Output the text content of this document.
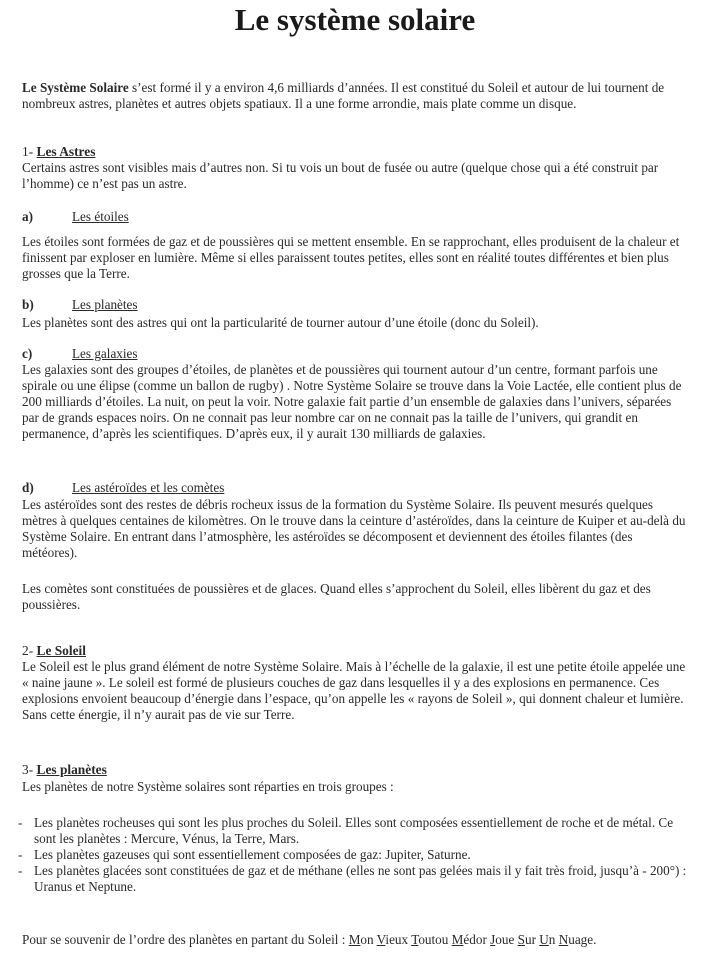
Le système solaire
Le Système Solaire s’est formé il y a environ 4,6 milliards d’années. Il est constitué du Soleil et autour de lui tournent de nombreux astres, planètes et autres objets spatiaux. Il a une forme arrondie, mais plate comme un disque.
1- Les Astres
Certains astres sont visibles mais d’autres non. Si tu vois un bout de fusée ou autre (quelque chose qui a été construit par l’homme) ce n’est pas un astre.
a)	Les étoiles
Les étoiles sont formées de gaz et de poussières qui se mettent ensemble. En se rapprochant, elles produisent de la chaleur et finissent par exploser en lumière. Même si elles paraissent toutes petites, elles sont en réalité toutes différentes et bien plus grosses que la Terre.
b)	Les planètes
Les planètes sont des astres qui ont la particularité de tourner autour d’une étoile (donc du Soleil).
c)	Les galaxies
Les galaxies sont des groupes d’étoiles, de planètes et de poussières qui tournent autour d’un centre, formant parfois une spirale ou une élipse (comme un ballon de rugby) . Notre Système Solaire se trouve dans la Voie Lactée, elle contient plus de 200 milliards d’étoiles. La nuit, on peut la voir. Notre galaxie fait partie d’un ensemble de galaxies dans l’univers, séparées par de grands espaces noirs. On ne connait pas leur nombre car on ne connait pas la taille de l’univers, qui grandit en permanence, d’après les scientifiques. D’après eux, il y aurait 130 milliards de galaxies.
d)	Les astéroïdes et les comètes
Les astéroïdes sont des restes de débris rocheux issus de la formation du Système Solaire. Ils peuvent mesurés quelques mètres à quelques centaines de kilomètres. On le trouve dans la ceinture d’astéroïdes, dans la ceinture de Kuiper et au-delà du Système Solaire. En entrant dans l’atmosphère, les astéroïdes se décomposent et deviennent des étoiles filantes (des météores).
Les comètes sont constituées de poussières et de glaces. Quand elles s’approchent du Soleil, elles libèrent du gaz et des poussières.
2- Le Soleil
Le Soleil est le plus grand élément de notre Système Solaire. Mais à l’échelle de la galaxie, il est une petite étoile appelée une « naine jaune ». Le soleil est formé de plusieurs couches de gaz dans lesquelles il y a des explosions en permanence. Ces explosions envoient beaucoup d’énergie dans l’espace, qu’on appelle les « rayons de Soleil », qui donnent chaleur et lumière. Sans cette énergie, il n’y aurait pas de vie sur Terre.
3- Les planètes
Les planètes de notre Système solaires sont réparties en trois groupes :
- Les planètes rocheuses qui sont les plus proches du Soleil. Elles sont composées essentiellement de roche et de métal. Ce sont les planètes : Mercure, Vénus, la Terre, Mars.
- Les planètes gazeuses qui sont essentiellement composées de gaz: Jupiter, Saturne.
- Les planètes glacées sont constituées de gaz et de méthane (elles ne sont pas gelées mais il y fait très froid, jusqu’à - 200°) : Uranus et Neptune.
Pour se souvenir de l’ordre des planètes en partant du Soleil : Mon Vieux Toutou Médor Joue Sur Un Nuage.
